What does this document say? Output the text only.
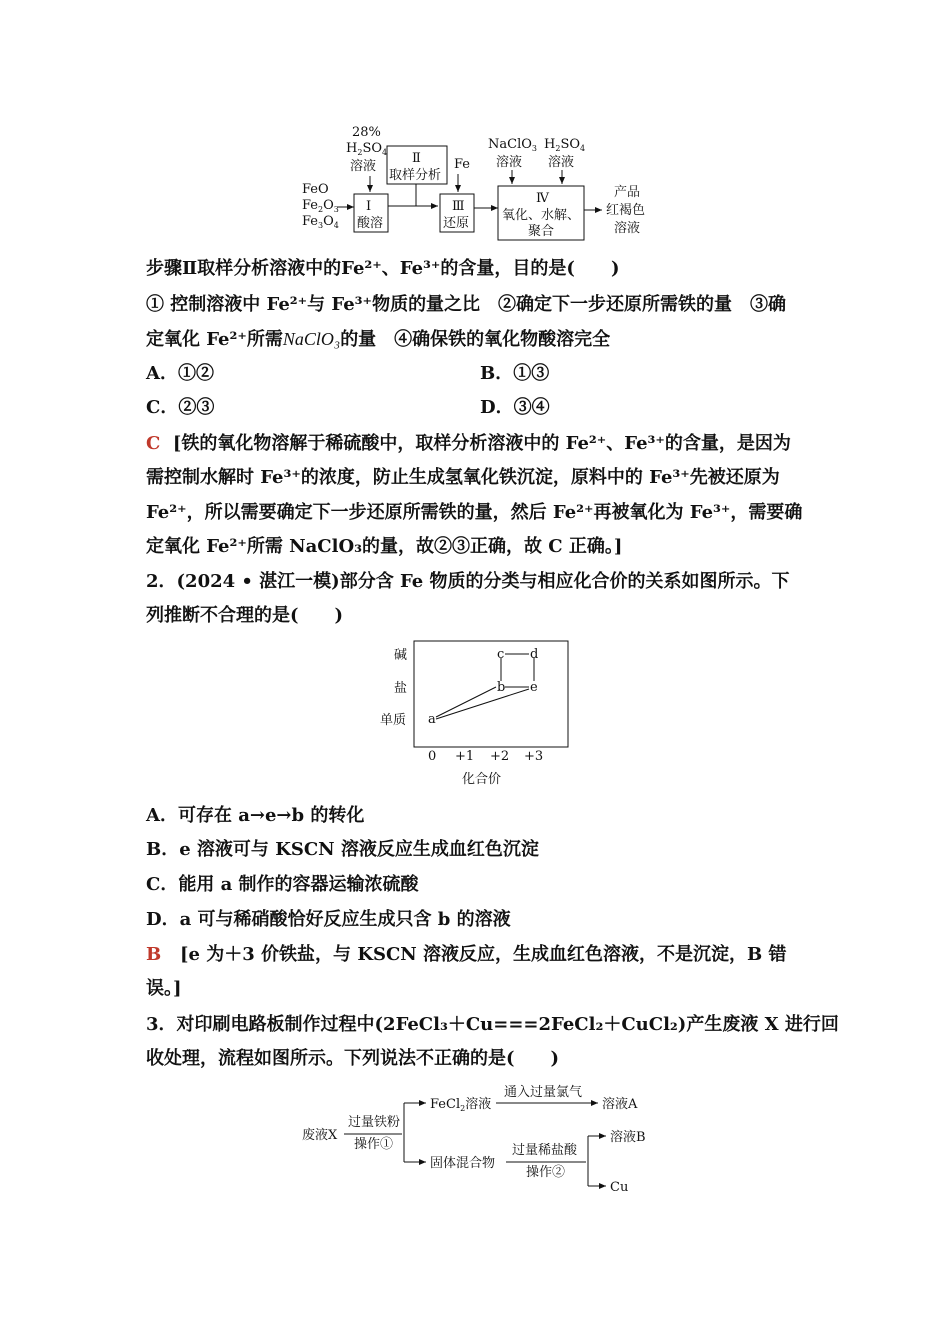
FeO
$Fe_2O_3$
$Fe_3O_4$
28%
$H_2SO_4$
溶液
Ⅰ
酸溶
Ⅱ
取样分析
Fe
Ⅲ
还原
NaClO$_3$
溶液
$H_2SO_4$
溶液
Ⅳ
氧化、水解、
聚合
产品
红褐色
溶液
步骤Ⅱ取样分析溶液中的Fe²⁺、Fe³⁺的含量，目的是(　　)
① 控制溶液中 Fe²⁺与 Fe³⁺物质的量之比　②确定下一步还原所需铁的量　③确
定氧化 Fe²⁺所需NaClO₃的量　④确保铁的氧化物酸溶完全
A．①②	B．①③
C．②③	D．③④
C [铁的氧化物溶解于稀硫酸中，取样分析溶液中的 Fe²⁺、Fe³⁺的含量，是因为
需控制水解时 Fe³⁺的浓度，防止生成氢氧化铁沉淀，原料中的 Fe³⁺先被还原为
Fe²⁺，所以需要确定下一步还原所需铁的量，然后 Fe²⁺再被氧化为 Fe³⁺，需要确
定氧化 Fe²⁺所需 NaClO₃的量，故②③正确，故 C 正确。]
2．(2024 • 湛江一模)部分含 Fe 物质的分类与相应化合价的关系如图所示。下
列推断不合理的是(　　)
碱
盐
单质
0 +1 +2 +3
化合价
a
b
c d
e
A．可存在 a→e→b 的转化
B．e 溶液可与 KSCN 溶液反应生成血红色沉淀
C．能用 a 制作的容器运输浓硫酸
D．a 可与稀硝酸恰好反应生成只含 b 的溶液
B [e 为＋3 价铁盐，与 KSCN 溶液反应，生成血红色溶液，不是沉淀，B 错
误。]
3．对印刷电路板制作过程中(2FeCl₃＋Cu===2FeCl₂＋CuCl₂)产生废液 X 进行回
收处理，流程如图所示。下列说法不正确的是(　　)
废液X
过量铁粉
操作①
FeCl$_2$溶液
通入过量氯气
溶液A
固体混合物
过量稀盐酸
操作②
溶液B
Cu
